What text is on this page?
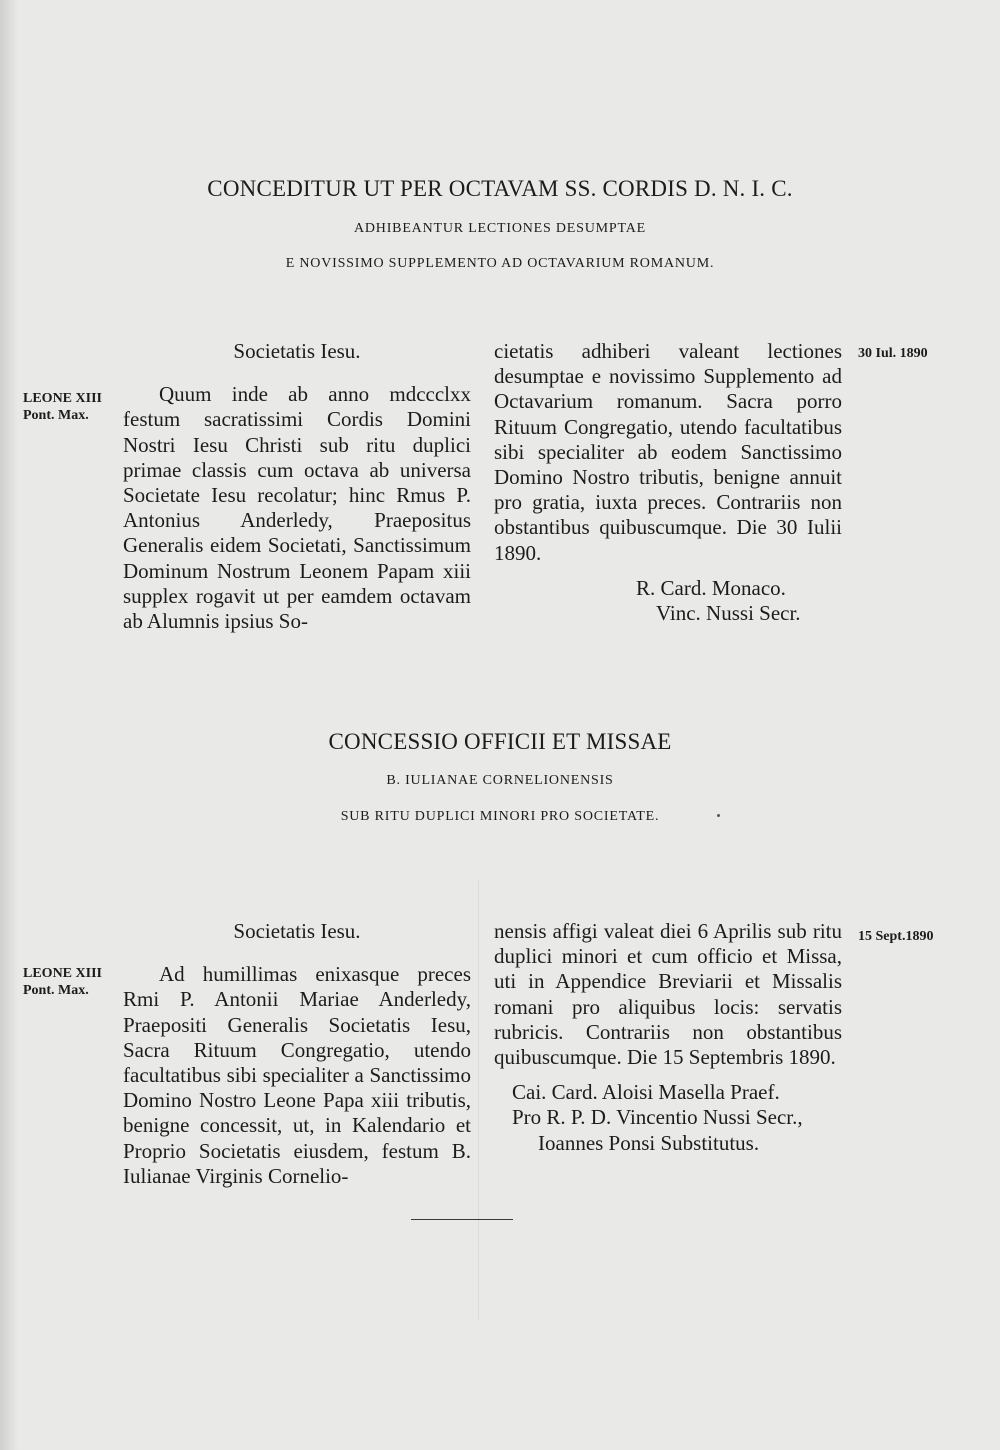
CONCEDITUR UT PER OCTAVAM SS. CORDIS D. N. I. C.
ADHIBEANTUR LECTIONES DESUMPTAE
E NOVISSIMO SUPPLEMENTO AD OCTAVARIUM ROMANUM.
LEONE XIII
Pont. Max.
30 Iul. 1890

Societatis Iesu.

Quum inde ab anno mdccclxx festum sacratissimi Cordis Domini Nostri Iesu Christi sub ritu duplici primae classis cum octava ab universa Societate Iesu recolatur; hinc Rmus P. Antonius Anderledy, Praepositus Generalis eidem Societati, Sanctissimum Dominum Nostrum Leonem Papam xiii supplex rogavit ut per eamdem octavam ab Alumnis ipsius So-

cietatis adhiberi valeant lectiones desumptae e novissimo Supplemento ad Octavarium romanum. Sacra porro Rituum Congregatio, utendo facultatibus sibi specialiter ab eodem Sanctissimo Domino Nostro tributis, benigne annuit pro gratia, iuxta preces. Contrariis non obstantibus quibuscumque. Die 30 Iulii 1890.

R. Card. Monaco.

Vinc. Nussi Secr.

CONCESSIO OFFICII ET MISSAE
B. IULIANAE CORNELIONENSIS
SUB RITU DUPLICI MINORI PRO SOCIETATE.
LEONE XIII
Pont. Max.
15 Sept.1890

Societatis Iesu.

Ad humillimas enixasque preces Rmi P. Antonii Mariae Anderledy, Praepositi Generalis Societatis Iesu, Sacra Rituum Congregatio, utendo facultatibus sibi specialiter a Sanctissimo Domino Nostro Leone Papa xiii tributis, benigne concessit, ut, in Kalendario et Proprio Societatis eiusdem, festum B. Iulianae Virginis Cornelio-

nensis affigi valeat diei 6 Aprilis sub ritu duplici minori et cum officio et Missa, uti in Appendice Breviarii et Missalis romani pro aliquibus locis: servatis rubricis. Contrariis non obstantibus quibuscumque. Die 15 Septembris 1890.

Cai. Card. Aloisi Masella Praef.

Pro R. P. D. Vincentio Nussi Secr.,

Ioannes Ponsi Substitutus.
